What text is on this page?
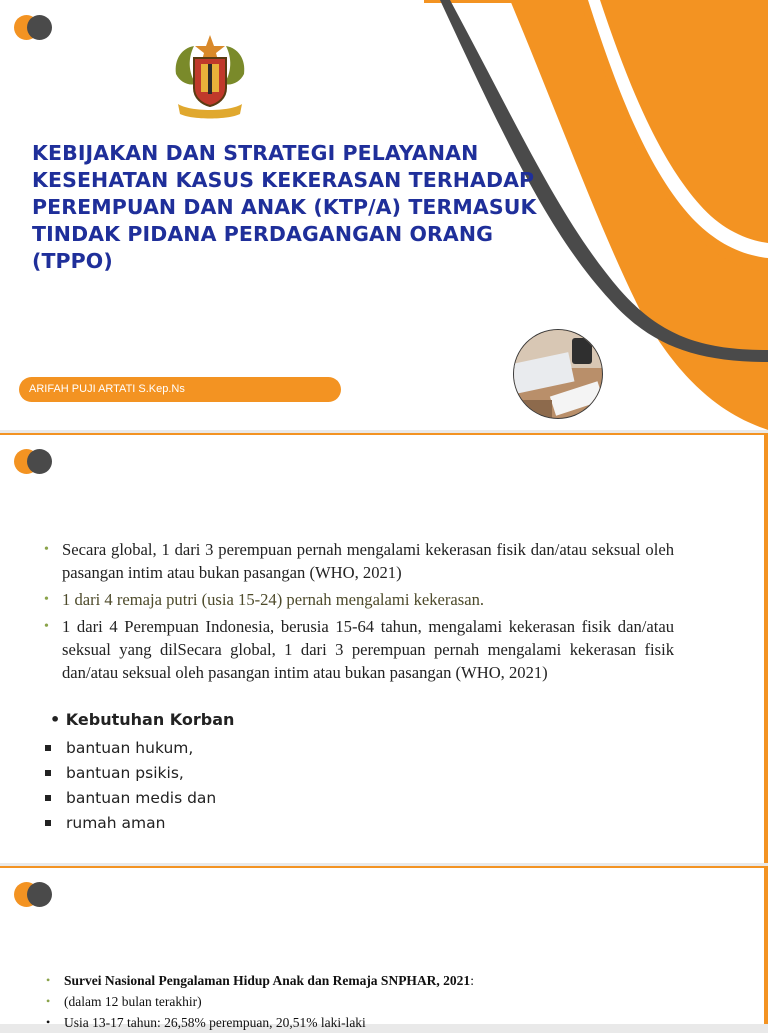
KEBIJAKAN DAN STRATEGI PELAYANAN KESEHATAN KASUS KEKERASAN TERHADAP PEREMPUAN DAN ANAK (KTP/A) TERMASUK TINDAK PIDANA PERDAGANGAN ORANG (TPPO)
ARIFAH PUJI ARTATI S.Kep.Ns
• Secara global, 1 dari 3 perempuan pernah mengalami kekerasan fisik dan/atau seksual oleh pasangan intim atau bukan pasangan (WHO, 2021)
• 1 dari 4 remaja putri (usia 15-24) pernah mengalami kekerasan.
• 1 dari 4 Perempuan Indonesia, berusia 15-64 tahun, mengalami kekerasan fisik dan/atau seksual yang dilSecara global, 1 dari 3 perempuan pernah mengalami kekerasan fisik dan/atau seksual oleh pasangan intim atau bukan pasangan (WHO, 2021)
• Kebutuhan Korban
bantuan hukum,
bantuan psikis,
bantuan medis dan
rumah aman
• Survei Nasional Pengalaman Hidup Anak dan Remaja SNPHAR, 2021:
• (dalam 12 bulan terakhir)
• Usia 13-17 tahun: 26,58% perempuan, 20,51% laki-laki
